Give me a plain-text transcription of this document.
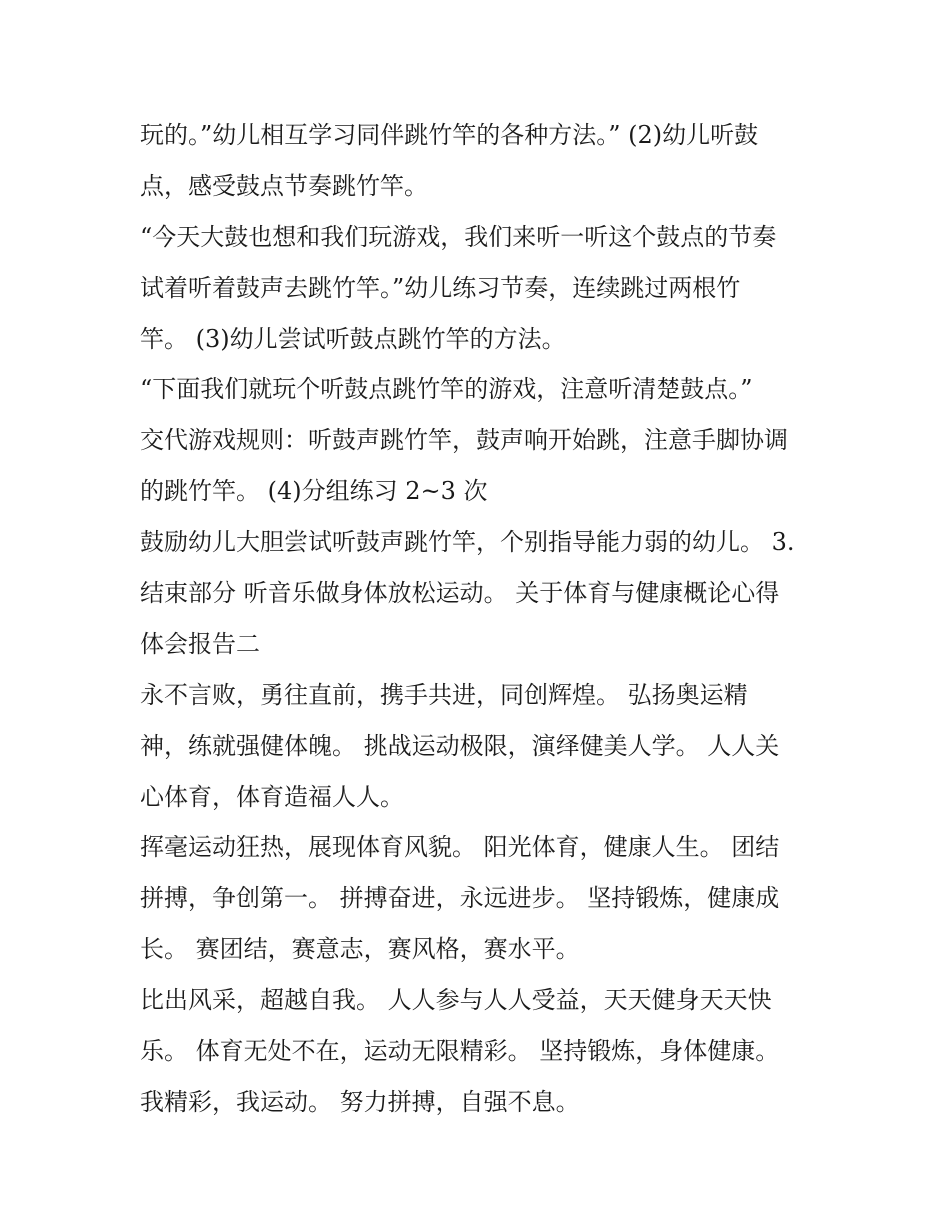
玩的。”幼儿相互学习同伴跳竹竿的各种方法。” (2)幼儿听鼓
点，感受鼓点节奏跳竹竿。
“今天大鼓也想和我们玩游戏，我们来听一听这个鼓点的节奏
试着听着鼓声去跳竹竿。”幼儿练习节奏，连续跳过两根竹
竿。 (3)幼儿尝试听鼓点跳竹竿的方法。
“下面我们就玩个听鼓点跳竹竿的游戏，注意听清楚鼓点。”
交代游戏规则：听鼓声跳竹竿，鼓声响开始跳，注意手脚协调
的跳竹竿。 (4)分组练习 2~3 次
鼓励幼儿大胆尝试听鼓声跳竹竿，个别指导能力弱的幼儿。 3.
结束部分 听音乐做身体放松运动。 关于体育与健康概论心得
体会报告二
永不言败，勇往直前，携手共进，同创辉煌。 弘扬奥运精
神，练就强健体魄。 挑战运动极限，演绎健美人学。 人人关
心体育，体育造福人人。
挥毫运动狂热，展现体育风貌。 阳光体育，健康人生。 团结
拼搏，争创第一。 拼搏奋进，永远进步。 坚持锻炼，健康成
长。 赛团结，赛意志，赛风格，赛水平。
比出风采，超越自我。 人人参与人人受益，天天健身天天快
乐。 体育无处不在，运动无限精彩。 坚持锻炼，身体健康。
我精彩，我运动。 努力拼搏，自强不息。
